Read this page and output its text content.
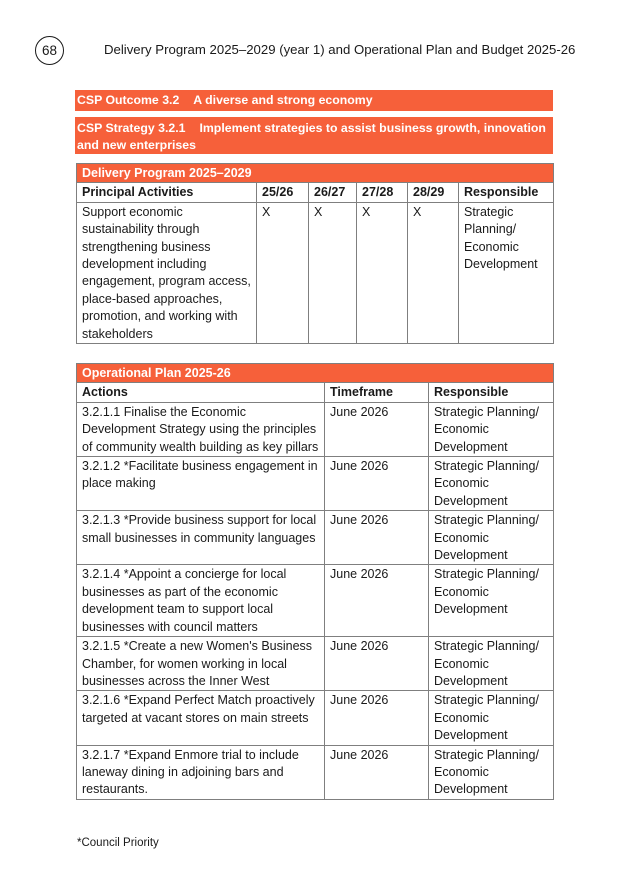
68	Delivery Program 2025–2029 (year 1) and Operational Plan and Budget 2025-26
CSP Outcome 3.2 A diverse and strong economy
CSP Strategy 3.2.1 Implement strategies to assist business growth, innovation and new enterprises
Delivery Program 2025–2029					
Principal Activities	25/26	26/27	27/28	28/29	Responsible
Support economic sustainability through strengthening business development including engagement, program access, place-based approaches, promotion, and working with stakeholders	X	X	X	X	Strategic Planning/ Economic Development
Operational Plan 2025-26		
Actions	Timeframe	Responsible
3.2.1.1 Finalise the Economic Development Strategy using the principles of community wealth building as key pillars	June 2026	Strategic Planning/ Economic Development
3.2.1.2 *Facilitate business engagement in place making	June 2026	Strategic Planning/ Economic Development
3.2.1.3 *Provide business support for local small businesses in community languages	June 2026	Strategic Planning/ Economic Development
3.2.1.4 *Appoint a concierge for local businesses as part of the economic development team to support local businesses with council matters	June 2026	Strategic Planning/ Economic Development
3.2.1.5 *Create a new Women's Business Chamber, for women working in local businesses across the Inner West	June 2026	Strategic Planning/ Economic Development
3.2.1.6 *Expand Perfect Match proactively targeted at vacant stores on main streets	June 2026	Strategic Planning/ Economic Development
3.2.1.7 *Expand Enmore trial to include laneway dining in adjoining bars and restaurants.	June 2026	Strategic Planning/ Economic Development
*Council Priority
